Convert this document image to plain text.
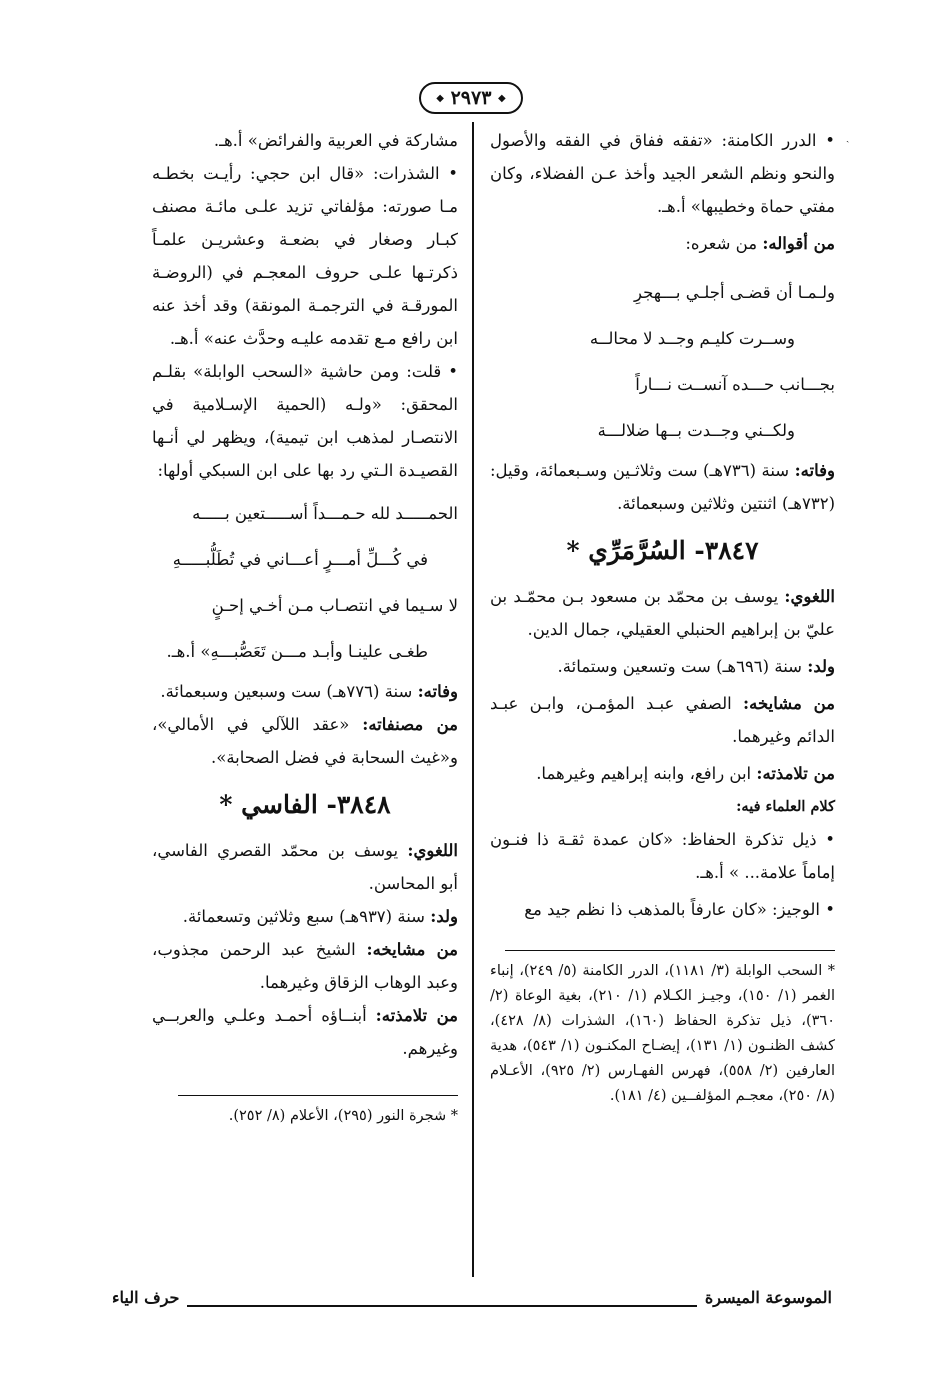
◆ ٢٩٧٣ ◆
ˎ

• الدرر الكامنة: «تفقه ففاق في الفقه والأصول والنحو ونظم الشعر الجيد وأخذ عـن الفضلاء، وكان مفتي حماة وخطيبها» أ.هـ.

من أقواله: من شعره:

ولـمـا أن قضـى أجلـي بـــهجرِ

وســرت كليـم وجــد لا محالــه

بجـــانب حـــده آنســت نـــاراً

ولكــني وجــدت بــها ضلالـــة

وفاته: سنة (٧٣٦هـ) ست وثلاثـين وسـبعمائة، وقيل: (٧٣٢هـ) اثنتين وثلاثين وسبعمائة.

٣٨٤٧- السُرَّمَرِّي *

اللغوي: يوسف بن محمّد بن مسعود بـن محمّـد بن عليّ بن إبراهيم الحنبلي العقيلي، جمال الدين.

ولد: سنة (٦٩٦هـ) ست وتسعين وستمائة.

من مشايخه: الصفي عبـد المؤمـن، وابـن عبـد الدائم وغيرهما.

من تلامذته: ابن رافع، وابنه إبراهيم وغيرهما.

كلام العلماء فيه:

• ذيل تذكرة الحفاظ: «كان عمدة ثقـة ذا فنـون إماماً علامة... » أ.هـ.

• الوجيز: «كان عارفاً بالمذهب ذا نظم جيد مع

* السحب الوابلة (٣/ ١١٨١)، الدرر الكامنة (٥/ ٢٤٩)، إنباء الغمر (١/ ١٥٠)، وجيـز الكـلام (١/ ٢١٠)، بغية الوعاة (٢/ ٣٦٠)، ذيل تذكرة الحفاظ (١٦٠)، الشذرات (٨/ ٤٢٨)، كشف الظنـون (١/ ١٣١)، إيضـاح المكنـون (١/ ٥٤٣)، هدية العارفين (٢/ ٥٥٨)، فهرس الفهـارس (٢/ ٩٢٥)، الأعـلام (٨/ ٢٥٠)، معجـم المؤلفــين (٤/ ١٨١).

مشاركة في العربية والفرائض» أ.هـ.

• الشذرات: «قال ابن حجي: رأيـت بخطـه مـا صورته: مؤلفاتي تزيد علـى مائـة مصنف كبـار وصغار في بضعـة وعشريـن علمـاً ذكرتـها علـى حروف المعجـم في (الروضـة المورقـة في الترجمـة المونقة) وقد أخذ عنه ابن رافع مـع تقدمه عليـه وحدَّث عنه» أ.هـ.

• قلت: ومن حاشية «السحب الوابلة» بقلـم المحقق: «ولـه (الحمية الإسـلامية في الانتصـار لمذهب ابن تيمية)، ويظهر لي أنـها القصيـدة الـتي رد بها على ابن السبكي أولها:

الحمـــــد لله حـمـــداً أســـــتعين بـــــه

في كُـــلِّ أمـــرٍ أعـــاني في تُطَلُّبـــــهِ

لا سـيما في انتصـاب مـن أخـي إحـنٍ

طغـى علينـا وأبـد مـــن تَعَصُّبـــهِ» أ.هـ.

وفاته: سنة (٧٧٦هـ) ست وسبعين وسبعمائة.

من مصنفاته: «عقد اللآلي في الأمالي»، و«غيث السحابة في فضل الصحابة».

٣٨٤٨- الفاسي *

اللغوي: يوسف بن محمّد القصري الفاسي، أبو المحاسن.

ولد: سنة (٩٣٧هـ) سبع وثلاثين وتسعمائة.

من مشايخه: الشيخ عبد الرحمن مجذوب، وعبد الوهاب الزقاق وغيرهما.

من تلامذته: أبنــاؤه أحمـد وعلـي والعربــي وغيرهم.

* شجرة النور (٢٩٥)، الأعلام (٨/ ٢٥٢).

الموسوعة الميسرة
حرف الياء
